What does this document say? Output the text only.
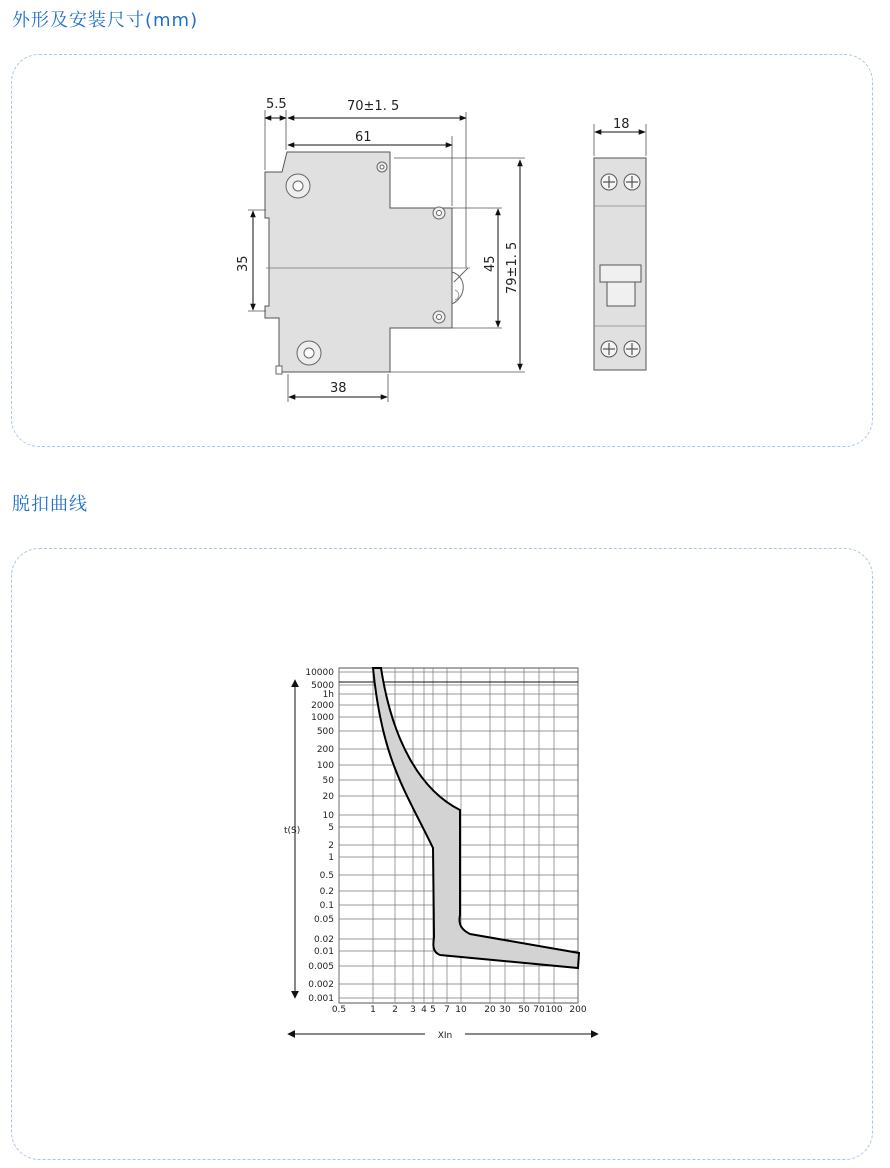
外形及安装尺寸(mm)
脱扣曲线
5.5	70±1. 5
61
18
38
35	45 79±1. 5
10000
5000
1h
2000
1000
500
200
100
50
20
10
5
2
1
0.5
0.2
0.1
0.05
0.02
0.01
0.005
0.002
0.001
0.5	1 2 3 4 5 7 10 20 30 50 70 100 200
t(S)
XIn
